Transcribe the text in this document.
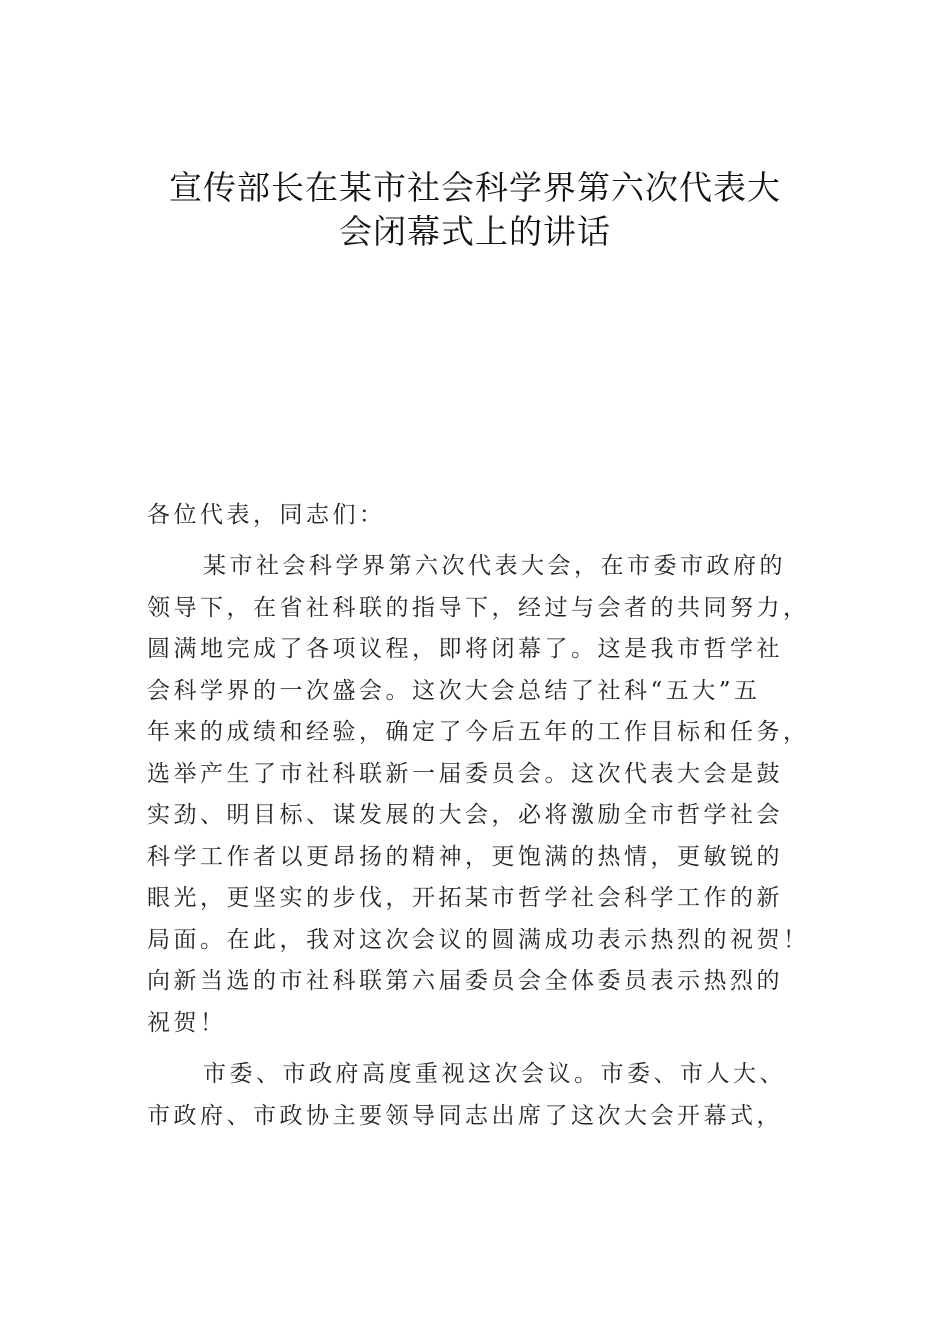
宣传部长在某市社会科学界第六次代表大
会闭幕式上的讲话
各位代表，同志们：
某市社会科学界第六次代表大会，在市委市政府的
领导下，在省社科联的指导下，经过与会者的共同努力，
圆满地完成了各项议程，即将闭幕了。这是我市哲学社
会科学界的一次盛会。这次大会总结了社科“五大”五
年来的成绩和经验，确定了今后五年的工作目标和任务，
选举产生了市社科联新一届委员会。这次代表大会是鼓
实劲、明目标、谋发展的大会，必将激励全市哲学社会
科学工作者以更昂扬的精神，更饱满的热情，更敏锐的
眼光，更坚实的步伐，开拓某市哲学社会科学工作的新
局面。在此，我对这次会议的圆满成功表示热烈的祝贺！
向新当选的市社科联第六届委员会全体委员表示热烈的
祝贺！
市委、市政府高度重视这次会议。市委、市人大、
市政府、市政协主要领导同志出席了这次大会开幕式，
